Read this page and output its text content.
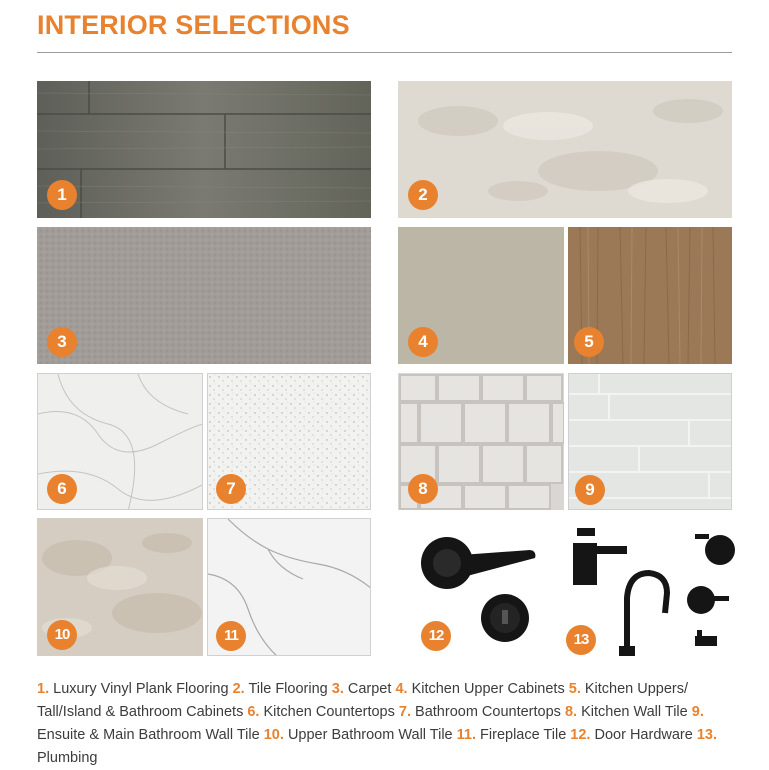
INTERIOR SELECTIONS
1	2
3	4	5
6	7	8	9
10	11	12	13
1. Luxury Vinyl Plank Flooring 2. Tile Flooring 3. Carpet 4. Kitchen Upper Cabinets 5. Kitchen Uppers/ Tall/Island & Bathroom Cabinets 6. Kitchen Countertops 7. Bathroom Countertops 8. Kitchen Wall Tile 9. Ensuite & Main Bathroom Wall Tile 10. Upper Bathroom Wall Tile 11. Fireplace Tile 12. Door Hardware 13. Plumbing
